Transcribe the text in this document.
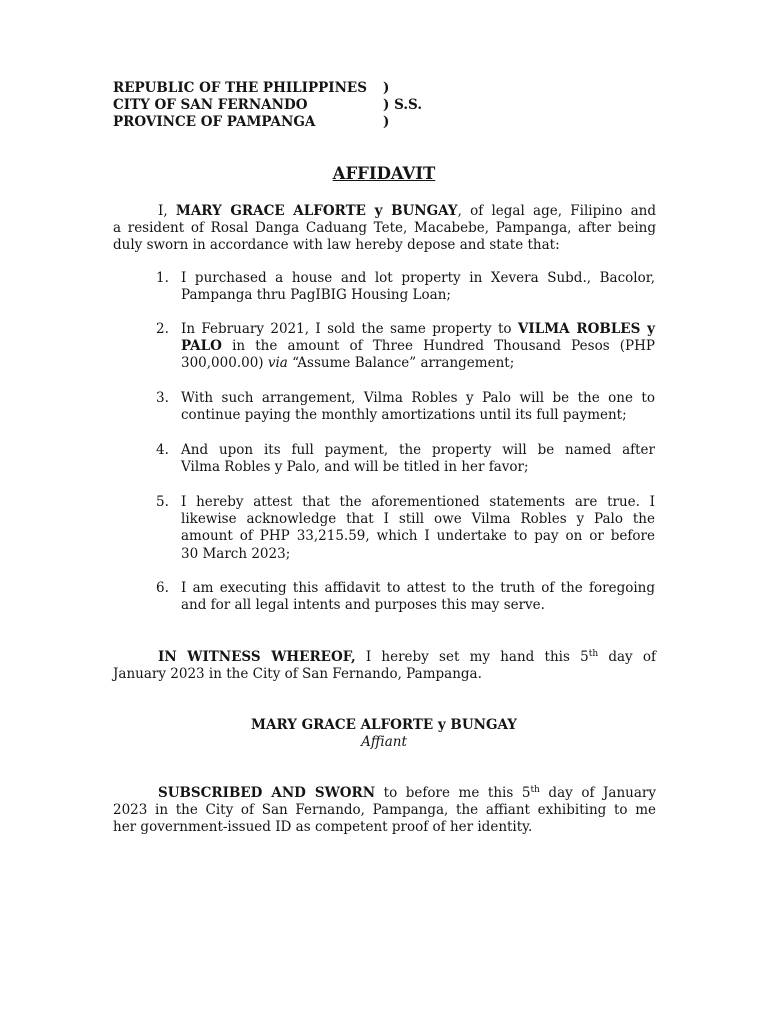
REPUBLIC OF THE PHILIPPINES
CITY OF SAN FERNANDO
PROVINCE OF PAMPANGA
)
) S.S.
)
AFFIDAVIT
I, MARY GRACE ALFORTE y BUNGAY, of legal age, Filipino and
a resident of Rosal Danga Caduang Tete, Macabebe, Pampanga, after being
duly sworn in accordance with law hereby depose and state that:
1. I purchased a house and lot property in Xevera Subd., Bacolor,
Pampanga thru PagIBIG Housing Loan;
2. In February 2021, I sold the same property to VILMA ROBLES y
PALO in the amount of Three Hundred Thousand Pesos (PHP
300,000.00) via “Assume Balance” arrangement;
3. With such arrangement, Vilma Robles y Palo will be the one to
continue paying the monthly amortizations until its full payment;
4. And upon its full payment, the property will be named after
Vilma Robles y Palo, and will be titled in her favor;
5. I hereby attest that the aforementioned statements are true. I
likewise acknowledge that I still owe Vilma Robles y Palo the
amount of PHP 33,215.59, which I undertake to pay on or before
30 March 2023;
6. I am executing this affidavit to attest to the truth of the foregoing
and for all legal intents and purposes this may serve.
IN WITNESS WHEREOF, I hereby set my hand this 5th day of
January 2023 in the City of San Fernando, Pampanga.
MARY GRACE ALFORTE y BUNGAY
Affiant
SUBSCRIBED AND SWORN to before me this 5th day of January
2023 in the City of San Fernando, Pampanga, the affiant exhibiting to me
her government-issued ID as competent proof of her identity.
